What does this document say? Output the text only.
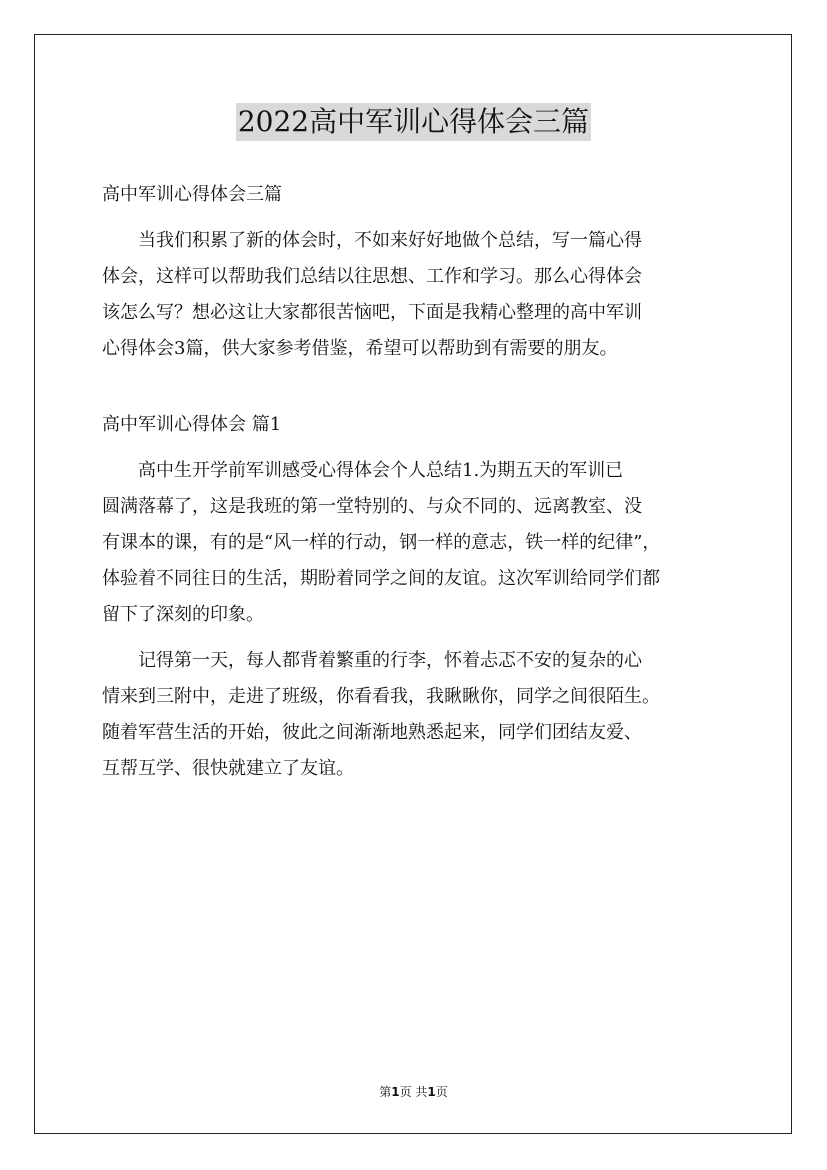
2022高中军训心得体会三篇
高中军训心得体会三篇
当我们积累了新的体会时，不如来好好地做个总结，写一篇心得
体会，这样可以帮助我们总结以往思想、工作和学习。那么心得体会
该怎么写？想必这让大家都很苦恼吧，下面是我精心整理的高中军训
心得体会3篇，供大家参考借鉴，希望可以帮助到有需要的朋友。
高中军训心得体会 篇1
高中生开学前军训感受心得体会个人总结1.为期五天的军训已
圆满落幕了，这是我班的第一堂特别的、与众不同的、远离教室、没
有课本的课，有的是“风一样的行动，钢一样的意志，铁一样的纪律”，
体验着不同往日的生活，期盼着同学之间的友谊。这次军训给同学们都
留下了深刻的印象。
记得第一天，每人都背着繁重的行李，怀着忐忑不安的复杂的心
情来到三附中，走进了班级，你看看我，我瞅瞅你，同学之间很陌生。
随着军营生活的开始，彼此之间渐渐地熟悉起来，同学们团结友爱、
互帮互学、很快就建立了友谊。
第1页 共1页
